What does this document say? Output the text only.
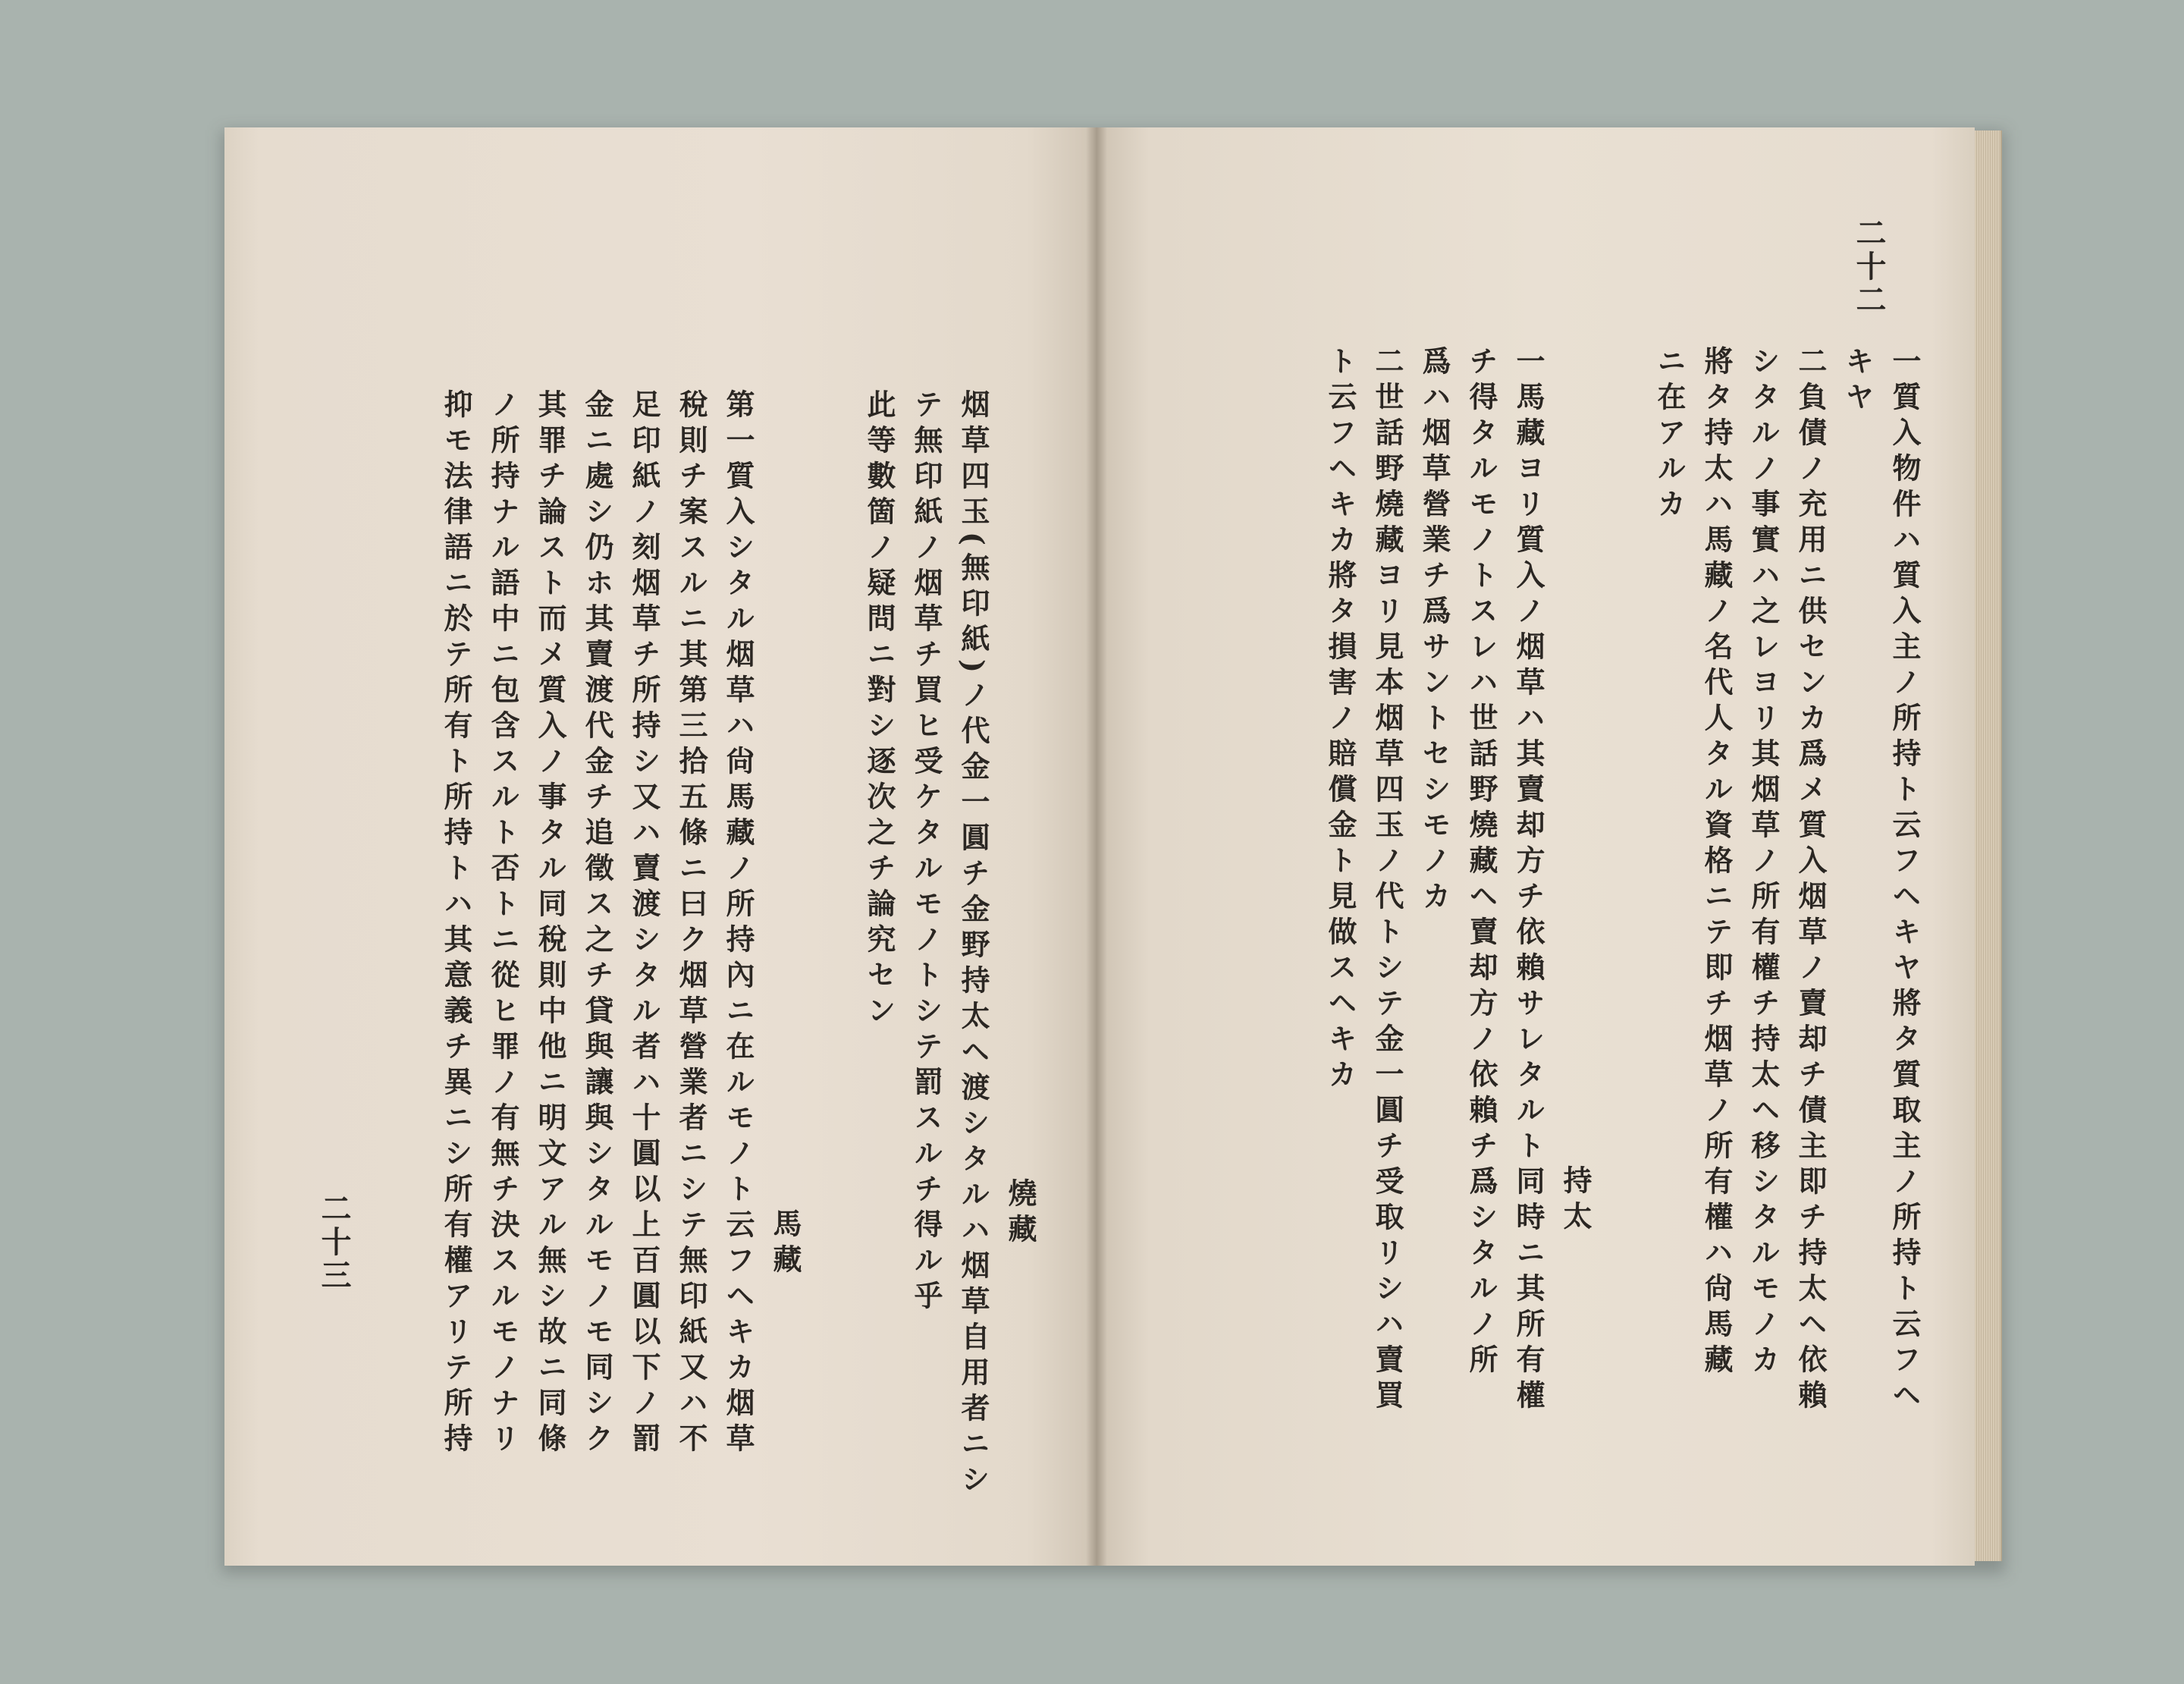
燒藏
烟草四玉(無印紙)ノ代金一圓チ金野持太ヘ渡シタルハ烟草自用者ニシ
テ無印紙ノ烟草チ買ヒ受ケタルモノトシテ罰スルチ得ル乎
此等數箇ノ疑問ニ對シ逐次之チ論究セン
馬藏
第一質入シタル烟草ハ尙馬藏ノ所持內ニ在ルモノト云フヘキカ烟草
稅則チ案スルニ其第三拾五條ニ曰ク烟草營業者ニシテ無印紙又ハ不
足印紙ノ刻烟草チ所持シ又ハ賣渡シタル者ハ十圓以上百圓以下ノ罰
金ニ處シ仍ホ其賣渡代金チ追徵ス之チ貸與讓與シタルモノモ同シク
其罪チ論スト而メ質入ノ事タル同稅則中他ニ明文アル無シ故ニ同條
ノ所持ナル語中ニ包含スルト否トニ從ヒ罪ノ有無チ決スルモノナリ
抑モ法律語ニ於テ所有ト所持トハ其意義チ異ニシ所有權アリテ所持	一質入物件ハ質入主ノ所持ト云フヘキヤ將タ質取主ノ所持ト云フヘ
キヤ
二負債ノ充用ニ供センカ爲メ質入烟草ノ賣却チ債主即チ持太ヘ依賴
シタルノ事實ハ之レヨリ其烟草ノ所有權チ持太ヘ移シタルモノカ
將タ持太ハ馬藏ノ名代人タル資格ニテ即チ烟草ノ所有權ハ尙馬藏
ニ在アルカ
持太
一馬藏ヨリ質入ノ烟草ハ其賣却方チ依賴サレタルト同時ニ其所有權
チ得タルモノトスレハ世話野燒藏ヘ賣却方ノ依賴チ爲シタルノ所
爲ハ烟草營業チ爲サントセシモノカ
二世話野燒藏ヨリ見本烟草四玉ノ代トシテ金一圓チ受取リシハ賣買
ト云フヘキカ將タ損害ノ賠償金ト見做スヘキカ
二十三
二十二
